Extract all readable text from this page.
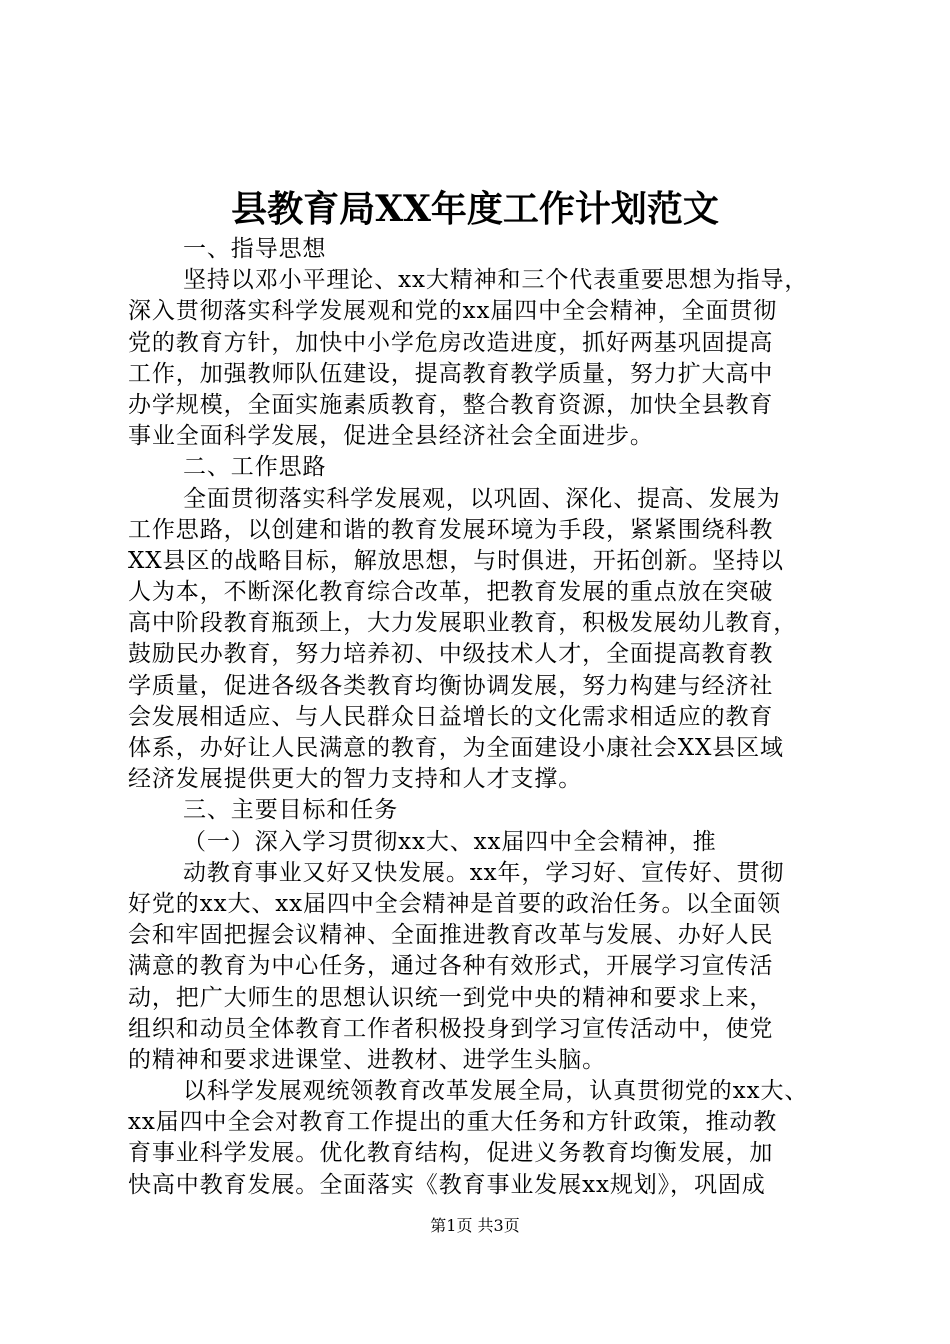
县教育局XX年度工作计划范文
一、指导思想
坚持以邓小平理论、xx大精神和三个代表重要思想为指导，
深入贯彻落实科学发展观和党的xx届四中全会精神，全面贯彻
党的教育方针，加快中小学危房改造进度，抓好两基巩固提高
工作，加强教师队伍建设，提高教育教学质量，努力扩大高中
办学规模，全面实施素质教育，整合教育资源，加快全县教育
事业全面科学发展，促进全县经济社会全面进步。
二、工作思路
全面贯彻落实科学发展观，以巩固、深化、提高、发展为
工作思路，以创建和谐的教育发展环境为手段，紧紧围绕科教
XX县区的战略目标，解放思想，与时俱进，开拓创新。坚持以
人为本，不断深化教育综合改革，把教育发展的重点放在突破
高中阶段教育瓶颈上，大力发展职业教育，积极发展幼儿教育，
鼓励民办教育，努力培养初、中级技术人才，全面提高教育教
学质量，促进各级各类教育均衡协调发展，努力构建与经济社
会发展相适应、与人民群众日益增长的文化需求相适应的教育
体系，办好让人民满意的教育，为全面建设小康社会XX县区域
经济发展提供更大的智力支持和人才支撑。
三、主要目标和任务
（一）深入学习贯彻xx大、xx届四中全会精神，推
动教育事业又好又快发展。xx年，学习好、宣传好、贯彻
好党的xx大、xx届四中全会精神是首要的政治任务。以全面领
会和牢固把握会议精神、全面推进教育改革与发展、办好人民
满意的教育为中心任务，通过各种有效形式，开展学习宣传活
动，把广大师生的思想认识统一到党中央的精神和要求上来，
组织和动员全体教育工作者积极投身到学习宣传活动中，使党
的精神和要求进课堂、进教材、进学生头脑。
以科学发展观统领教育改革发展全局，认真贯彻党的xx大、
xx届四中全会对教育工作提出的重大任务和方针政策，推动教
育事业科学发展。优化教育结构，促进义务教育均衡发展，加
快高中教育发展。全面落实《教育事业发展xx规划》，巩固成
第1页 共3页
